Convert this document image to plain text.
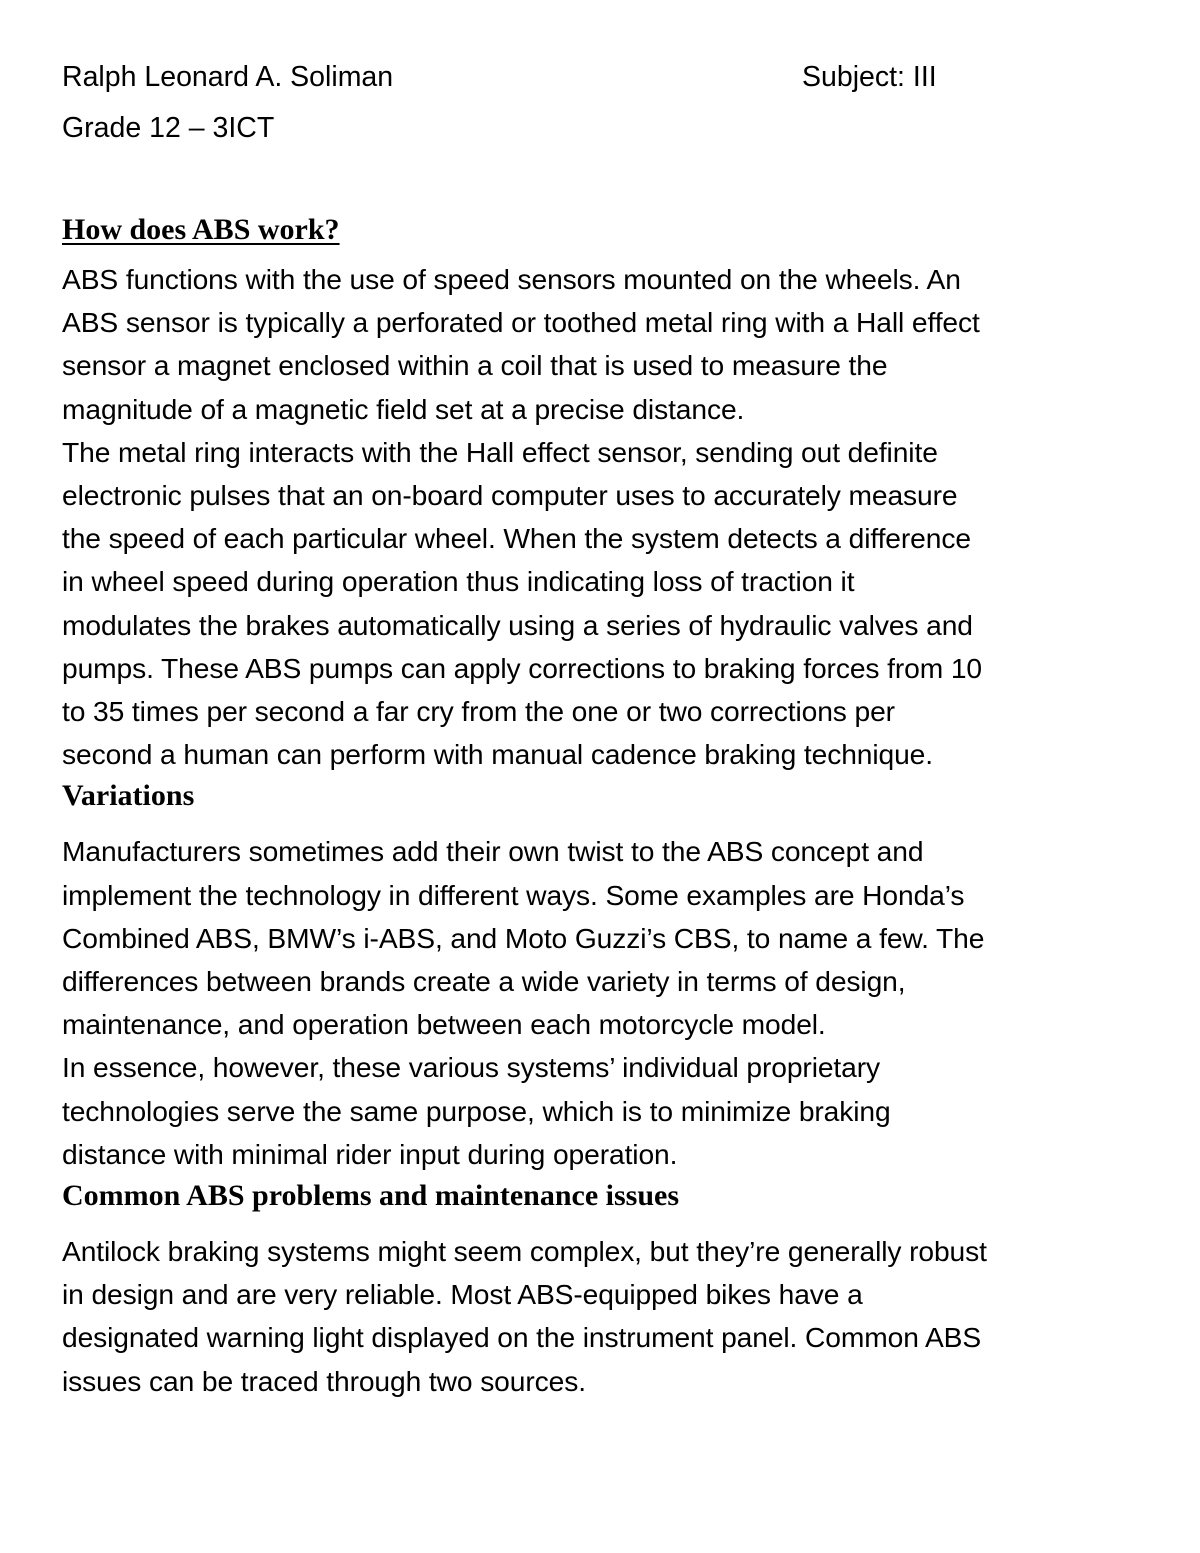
Ralph Leonard A. Soliman	Subject: III
Grade 12 – 3ICT
How does ABS work?
ABS functions with the use of speed sensors mounted on the wheels. An
ABS sensor is typically a perforated or toothed metal ring with a Hall effect
sensor a magnet enclosed within a coil that is used to measure the
magnitude of a magnetic field set at a precise distance.
The metal ring interacts with the Hall effect sensor, sending out definite
electronic pulses that an on-board computer uses to accurately measure
the speed of each particular wheel. When the system detects a difference
in wheel speed during operation thus indicating loss of traction it
modulates the brakes automatically using a series of hydraulic valves and
pumps. These ABS pumps can apply corrections to braking forces from 10
to 35 times per second a far cry from the one or two corrections per
second a human can perform with manual cadence braking technique.
Variations
Manufacturers sometimes add their own twist to the ABS concept and
implement the technology in different ways. Some examples are Honda’s
Combined ABS, BMW’s i-ABS, and Moto Guzzi’s CBS, to name a few. The
differences between brands create a wide variety in terms of design,
maintenance, and operation between each motorcycle model.
In essence, however, these various systems’ individual proprietary
technologies serve the same purpose, which is to minimize braking
distance with minimal rider input during operation.
Common ABS problems and maintenance issues
Antilock braking systems might seem complex, but they’re generally robust
in design and are very reliable. Most ABS-equipped bikes have a
designated warning light displayed on the instrument panel. Common ABS
issues can be traced through two sources.
